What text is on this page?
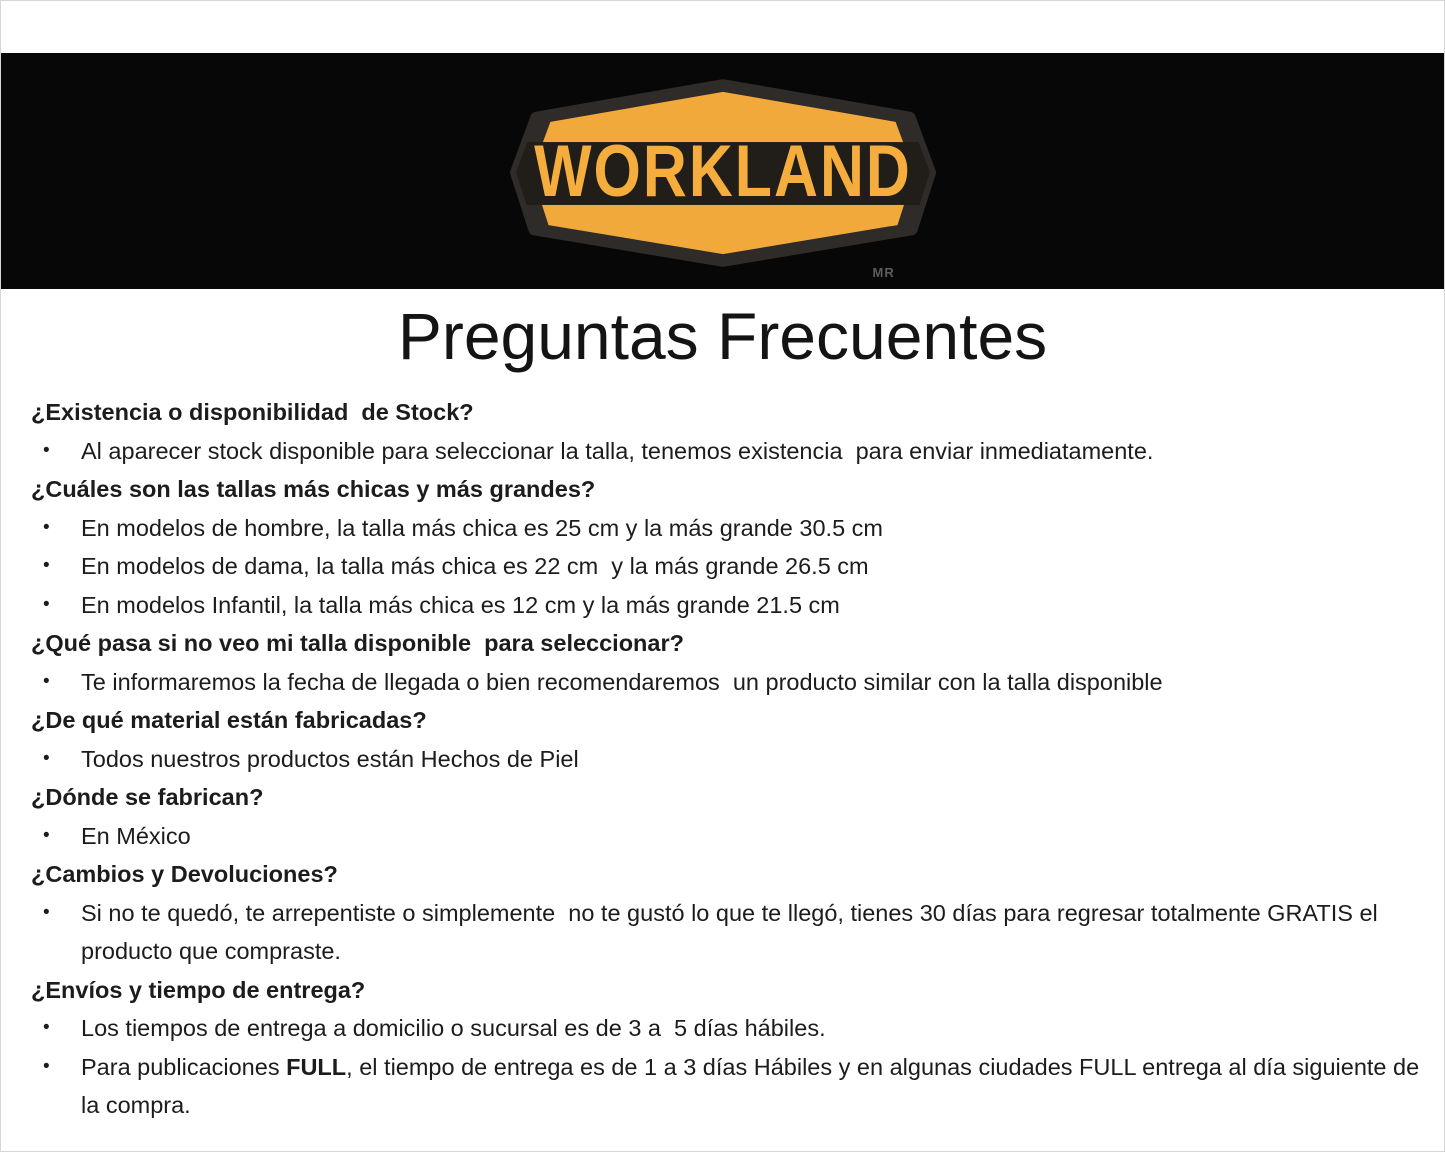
WORKLAND
MR
Preguntas Frecuentes
¿Existencia o disponibilidad  de Stock?
• Al aparecer stock disponible para seleccionar la talla, tenemos existencia  para enviar inmediatamente.
¿Cuáles son las tallas más chicas y más grandes?
• En modelos de hombre, la talla más chica es 25 cm y la más grande 30.5 cm
• En modelos de dama, la talla más chica es 22 cm  y la más grande 26.5 cm
• En modelos Infantil, la talla más chica es 12 cm y la más grande 21.5 cm
¿Qué pasa si no veo mi talla disponible  para seleccionar?
• Te informaremos la fecha de llegada o bien recomendaremos  un producto similar con la talla disponible
¿De qué material están fabricadas?
• Todos nuestros productos están Hechos de Piel
¿Dónde se fabrican?
• En México
¿Cambios y Devoluciones?
• Si no te quedó, te arrepentiste o simplemente  no te gustó lo que te llegó, tienes 30 días para regresar totalmente GRATIS el producto que compraste.
¿Envíos y tiempo de entrega?
• Los tiempos de entrega a domicilio o sucursal es de 3 a  5 días hábiles.
• Para publicaciones FULL, el tiempo de entrega es de 1 a 3 días Hábiles y en algunas ciudades FULL entrega al día siguiente de la compra.
